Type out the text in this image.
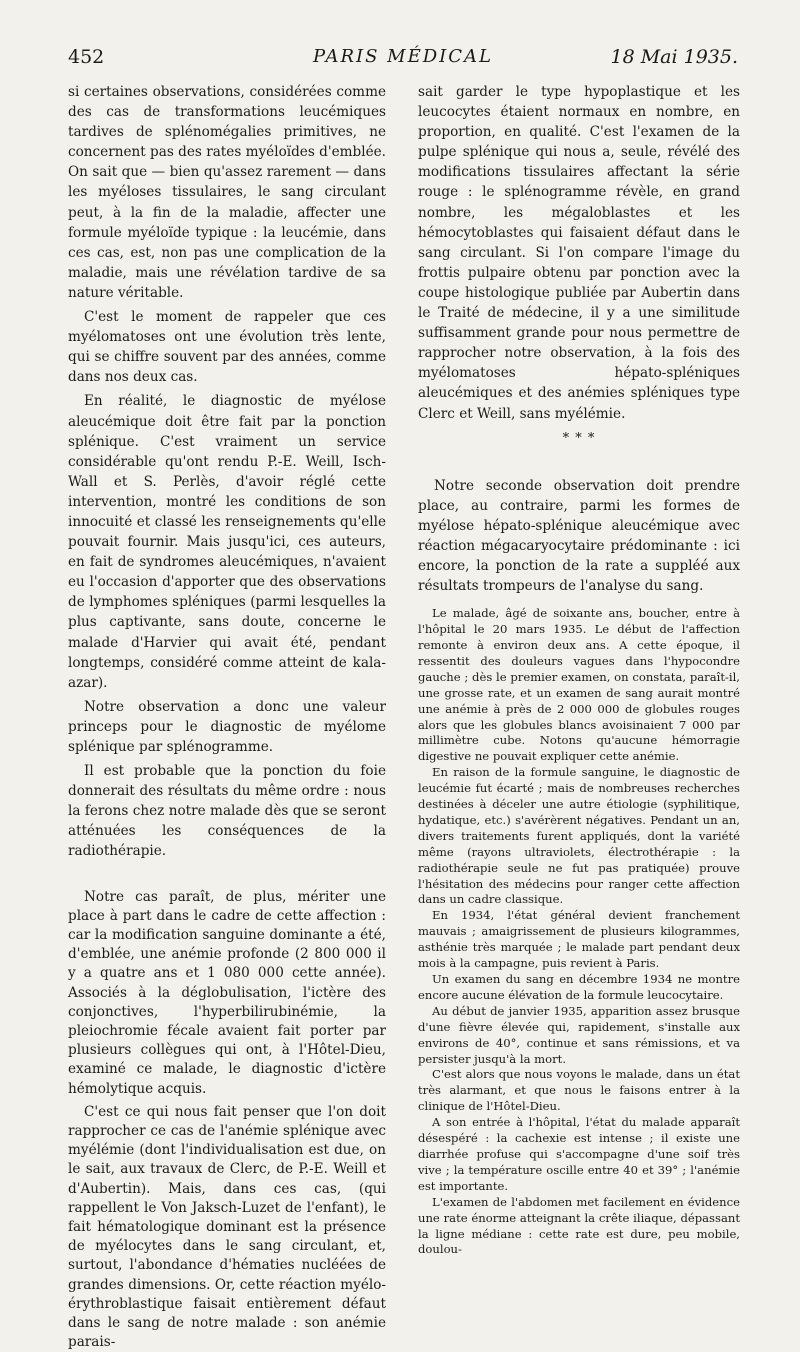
452	PARIS MÉDICAL	18 Mai 1935.

si certaines observations, considérées comme des cas de transformations leucémiques tardives de splénomégalies primitives, ne concernent pas des rates myéloïdes d'emblée. On sait que — bien qu'assez rarement — dans les myéloses tissulaires, le sang circulant peut, à la fin de la maladie, affecter une formule myéloïde typique : la leucémie, dans ces cas, est, non pas une complication de la maladie, mais une révélation tardive de sa nature véritable.

C'est le moment de rappeler que ces myélomatoses ont une évolution très lente, qui se chiffre souvent par des années, comme dans nos deux cas.

En réalité, le diagnostic de myélose aleucémique doit être fait par la ponction splénique. C'est vraiment un service considérable qu'ont rendu P.-E. Weill, Isch-Wall et S. Perlès, d'avoir réglé cette intervention, montré les conditions de son innocuité et classé les renseignements qu'elle pouvait fournir. Mais jusqu'ici, ces auteurs, en fait de syndromes aleucémiques, n'avaient eu l'occasion d'apporter que des observations de lymphomes spléniques (parmi lesquelles la plus captivante, sans doute, concerne le malade d'Harvier qui avait été, pendant longtemps, considéré comme atteint de kala-azar).

Notre observation a donc une valeur princeps pour le diagnostic de myélome splénique par splénogramme.

Il est probable que la ponction du foie donnerait des résultats du même ordre : nous la ferons chez notre malade dès que se seront atténuées les conséquences de la radiothérapie.

Notre cas paraît, de plus, mériter une place à part dans le cadre de cette affection : car la modification sanguine dominante a été, d'emblée, une anémie profonde (2 800 000 il y a quatre ans et 1 080 000 cette année). Associés à la déglobulisation, l'ictère des conjonctives, l'hyperbilirubinémie, la pleiochromie fécale avaient fait porter par plusieurs collègues qui ont, à l'Hôtel-Dieu, examiné ce malade, le diagnostic d'ictère hémolytique acquis.

C'est ce qui nous fait penser que l'on doit rapprocher ce cas de l'anémie splénique avec myélémie (dont l'individualisation est due, on le sait, aux travaux de Clerc, de P.-E. Weill et d'Aubertin). Mais, dans ces cas, (qui rappellent le Von Jaksch-Luzet de l'enfant), le fait hématologique dominant est la présence de myélocytes dans le sang circulant, et, surtout, l'abondance d'hématies nucléées de grandes dimensions. Or, cette réaction myélo-érythroblastique faisait entièrement défaut dans le sang de notre malade : son anémie parais-

sait garder le type hypoplastique et les leucocytes étaient normaux en nombre, en proportion, en qualité. C'est l'examen de la pulpe splénique qui nous a, seule, révélé des modifications tissulaires affectant la série rouge : le splénogramme révèle, en grand nombre, les mégaloblastes et les hémocytoblastes qui faisaient défaut dans le sang circulant. Si l'on compare l'image du frottis pulpaire obtenu par ponction avec la coupe histologique publiée par Aubertin dans le Traité de médecine, il y a une similitude suffisamment grande pour nous permettre de rapprocher notre observation, à la fois des myélomatoses hépato-spléniques aleucémiques et des anémies spléniques type Clerc et Weill, sans myélémie.

* * *

Notre seconde observation doit prendre place, au contraire, parmi les formes de myélose hépato-splénique aleucémique avec réaction mégacaryocytaire prédominante : ici encore, la ponction de la rate a suppléé aux résultats trompeurs de l'analyse du sang.

Le malade, âgé de soixante ans, boucher, entre à l'hôpital le 20 mars 1935. Le début de l'affection remonte à environ deux ans. A cette époque, il ressentit des douleurs vagues dans l'hypocondre gauche ; dès le premier examen, on constata, paraît-il, une grosse rate, et un examen de sang aurait montré une anémie à près de 2 000 000 de globules rouges alors que les globules blancs avoisinaient 7 000 par millimètre cube. Notons qu'aucune hémorragie digestive ne pouvait expliquer cette anémie.

En raison de la formule sanguine, le diagnostic de leucémie fut écarté ; mais de nombreuses recherches destinées à déceler une autre étiologie (syphilitique, hydatique, etc.) s'avérèrent négatives. Pendant un an, divers traitements furent appliqués, dont la variété même (rayons ultraviolets, électrothérapie : la radiothérapie seule ne fut pas pratiquée) prouve l'hésitation des médecins pour ranger cette affection dans un cadre classique.

En 1934, l'état général devient franchement mauvais ; amaigrissement de plusieurs kilogrammes, asthénie très marquée ; le malade part pendant deux mois à la campagne, puis revient à Paris.

Un examen du sang en décembre 1934 ne montre encore aucune élévation de la formule leucocytaire.

Au début de janvier 1935, apparition assez brusque d'une fièvre élevée qui, rapidement, s'installe aux environs de 40°, continue et sans rémissions, et va persister jusqu'à la mort.

C'est alors que nous voyons le malade, dans un état très alarmant, et que nous le faisons entrer à la clinique de l'Hôtel-Dieu.

A son entrée à l'hôpital, l'état du malade apparaît désespéré : la cachexie est intense ; il existe une diarrhée profuse qui s'accompagne d'une soif très vive ; la température oscille entre 40 et 39° ; l'anémie est importante.

L'examen de l'abdomen met facilement en évidence une rate énorme atteignant la crête iliaque, dépassant la ligne médiane : cette rate est dure, peu mobile, doulou-
